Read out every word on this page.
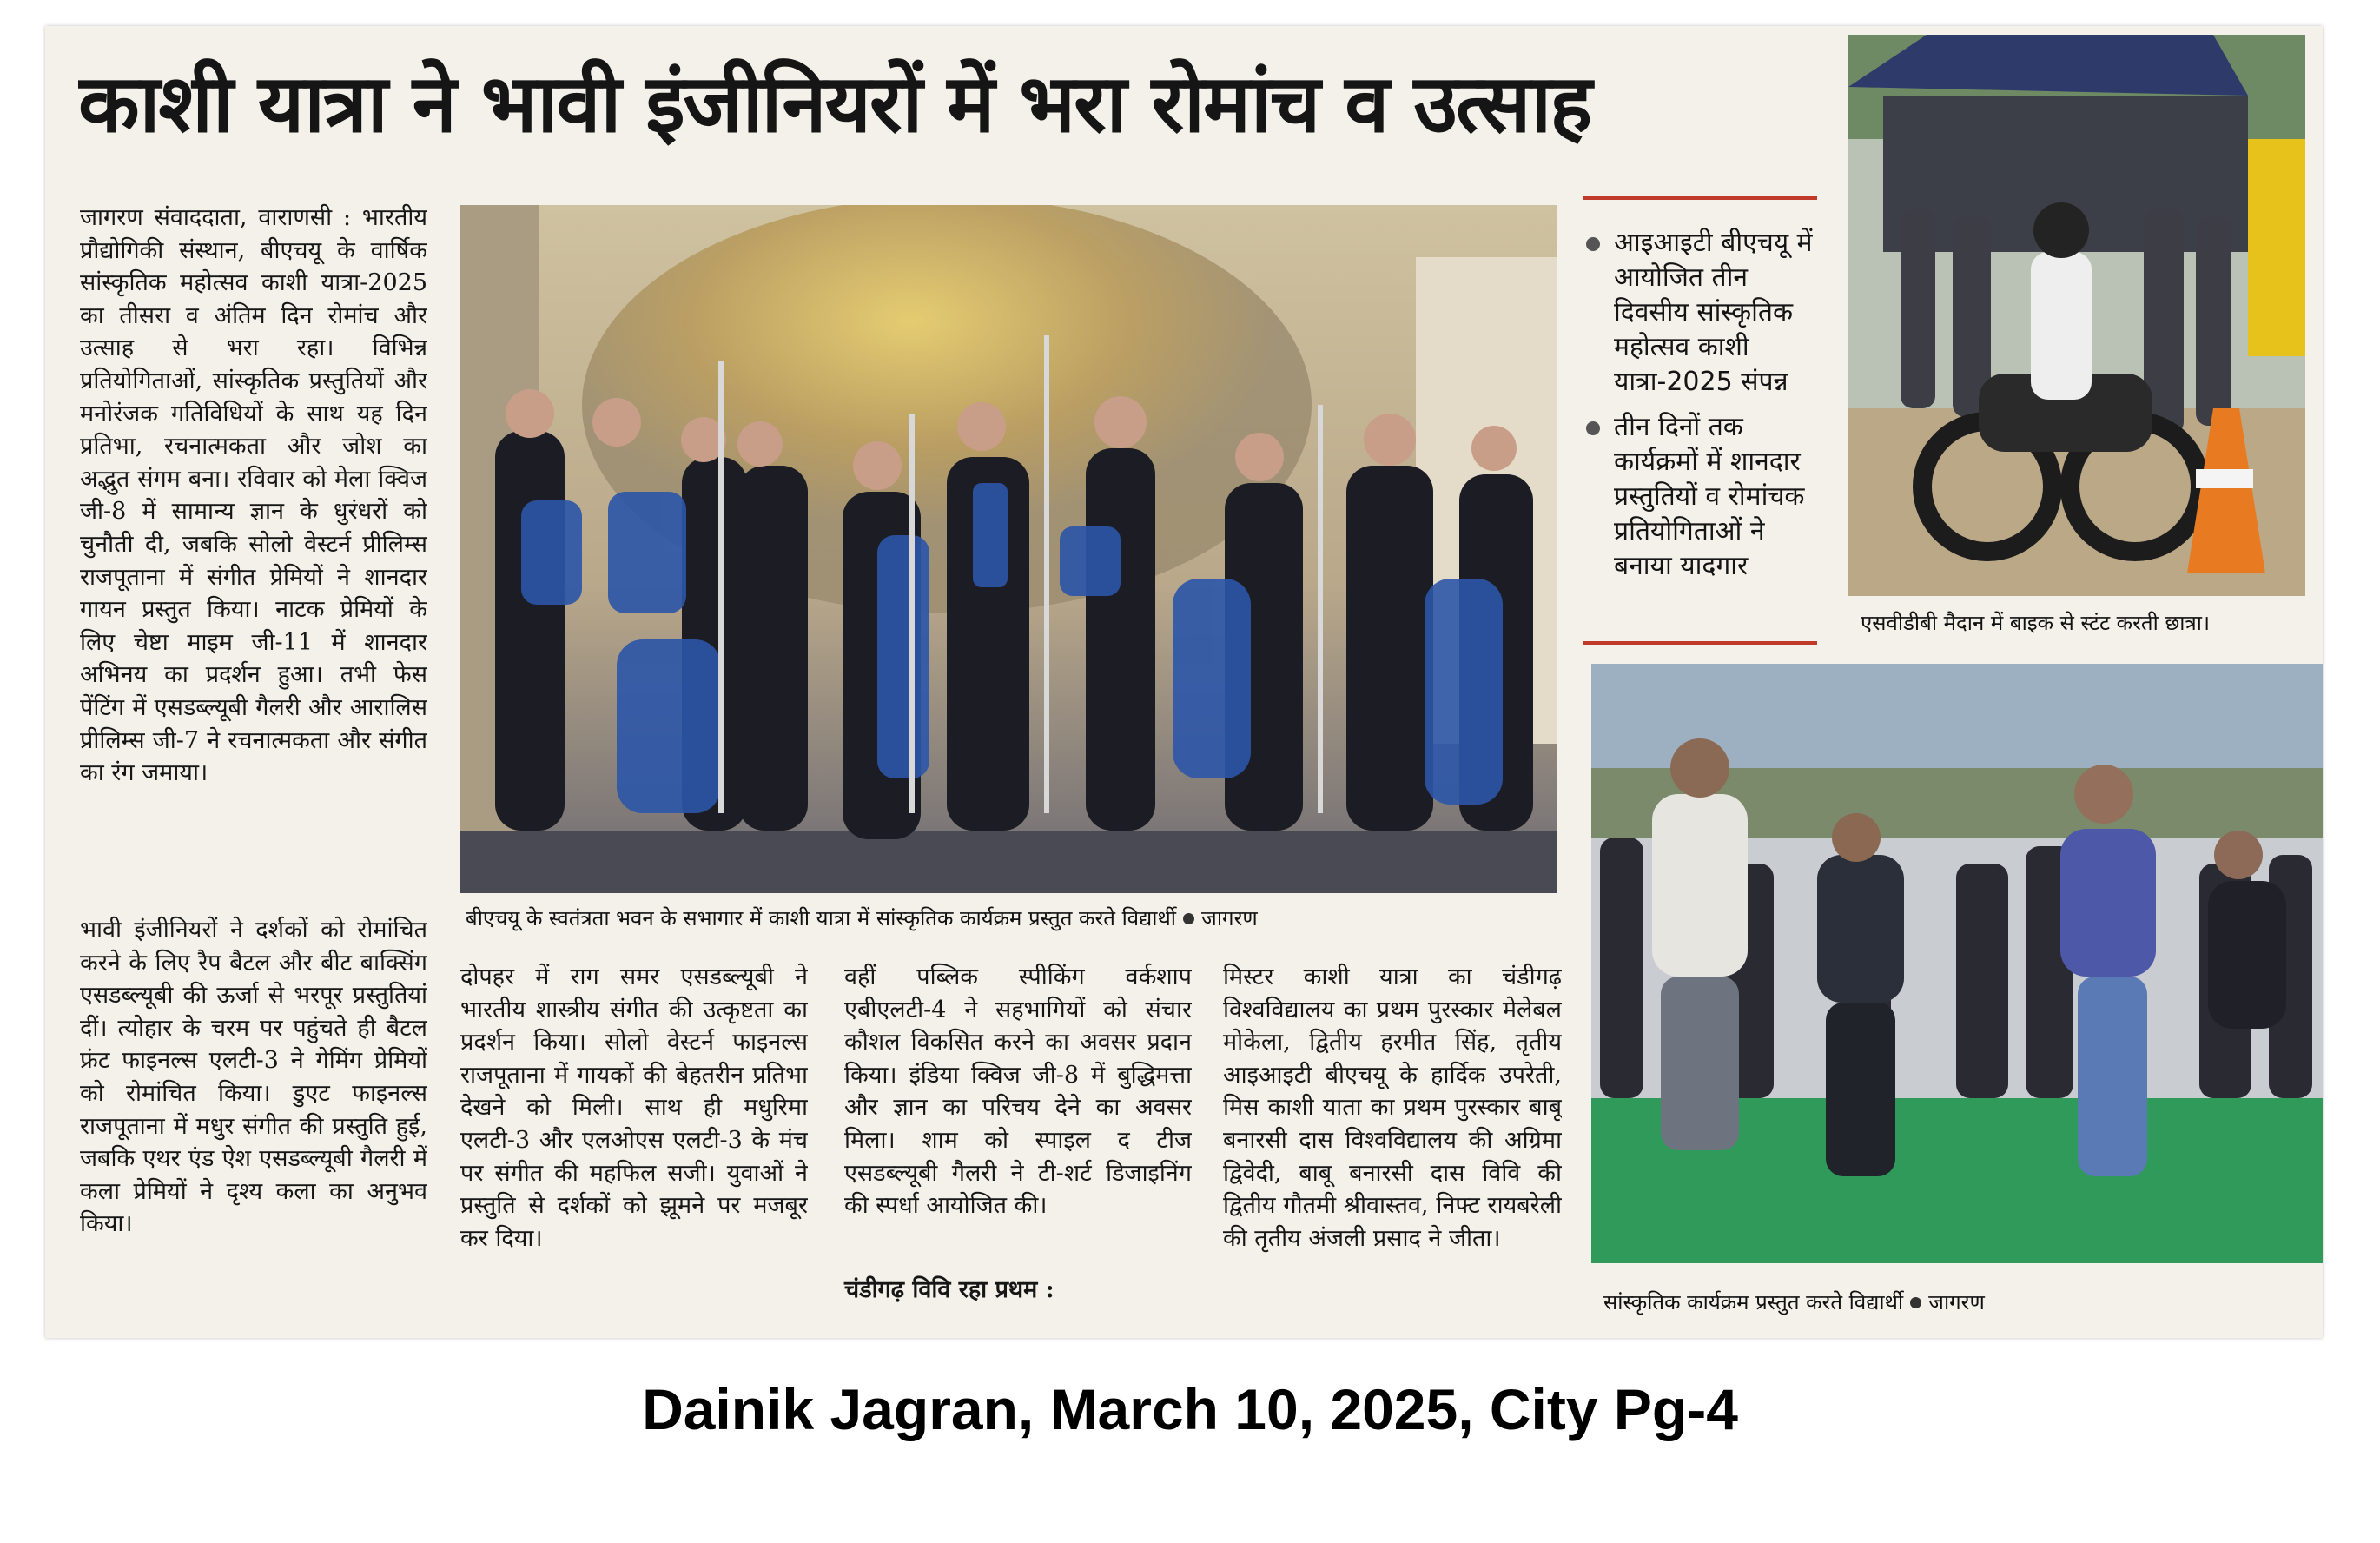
काशी यात्रा ने भावी इंजीनियरों में भरा रोमांच व उत्साह
बीएचयू के स्वतंत्रता भवन के सभागार में काशी यात्रा में सांस्कृतिक कार्यक्रम प्रस्तुत करते विद्यार्थी जागरण

जागरण संवाददाता, वाराणसी : भारतीय प्रौद्योगिकी संस्थान, बीएचयू के वार्षिक सांस्कृतिक महोत्सव काशी यात्रा-2025 का तीसरा व अंतिम दिन रोमांच और उत्साह से भरा रहा। विभिन्न प्रतियोगिताओं, सांस्कृतिक प्रस्तुतियों और मनोरंजक गतिविधियों के साथ यह दिन प्रतिभा, रचनात्मकता और जोश का अद्भुत संगम बना। रविवार को मेला क्विज जी-8 में सामान्य ज्ञान के धुरंधरों को चुनौती दी, जबकि सोलो वेस्टर्न प्रीलिम्स राजपूताना में संगीत प्रेमियों ने शानदार गायन प्रस्तुत किया। नाटक प्रेमियों के लिए चेष्टा माइम जी-11 में शानदार अभिनय का प्रदर्शन हुआ। तभी फेस पेंटिंग में एसडब्ल्यूबी गैलरी और आरालिस प्रीलिम्स जी-7 ने रचनात्मकता और संगीत का रंग जमाया।

भावी इंजीनियरों ने दर्शकों को रोमांचित करने के लिए रैप बैटल और बीट बाक्सिंग एसडब्ल्यूबी की ऊर्जा से भरपूर प्रस्तुतियां दीं। त्योहार के चरम पर पहुंचते ही बैटल फ्रंट फाइनल्स एलटी-3 ने गेमिंग प्रेमियों को रोमांचित किया। डुएट फाइनल्स राजपूताना में मधुर संगीत की प्रस्तुति हुई, जबकि एथर एंड ऐश एसडब्ल्यूबी गैलरी में कला प्रेमियों ने दृश्य कला का अनुभव किया।

दोपहर में राग समर एसडब्ल्यूबी ने भारतीय शास्त्रीय संगीत की उत्कृष्टता का प्रदर्शन किया। सोलो वेस्टर्न फाइनल्स राजपूताना में गायकों की बेहतरीन प्रतिभा देखने को मिली। साथ ही मधुरिमा एलटी-3 और एलओएस एलटी-3 के मंच पर संगीत की महफिल सजी। युवाओं ने प्रस्तुति से दर्शकों को झूमने पर मजबूर कर दिया।

वहीं पब्लिक स्पीकिंग वर्कशाप एबीएलटी-4 ने सहभागियों को संचार कौशल विकसित करने का अवसर प्रदान किया। इंडिया क्विज जी-8 में बुद्धिमत्ता और ज्ञान का परिचय देने का अवसर मिला। शाम को स्पाइल द टीज एसडब्ल्यूबी गैलरी ने टी-शर्ट डिजाइनिंग की स्पर्धा आयोजित की।

चंडीगढ़ विवि रहा प्रथम :

मिस्टर काशी यात्रा का चंडीगढ़ विश्वविद्यालय का प्रथम पुरस्कार मेलेबल मोकेला, द्वितीय हरमीत सिंह, तृतीय आइआइटी बीएचयू के हार्दिक उपरेती, मिस काशी याता का प्रथम पुरस्कार बाबू बनारसी दास विश्वविद्यालय की अग्रिमा द्विवेदी, बाबू बनारसी दास विवि की द्वितीय गौतमी श्रीवास्तव, निफ्ट रायबरेली की तृतीय अंजली प्रसाद ने जीता।

आइआइटी बीएचयू में आयोजित तीन दिवसीय सांस्कृतिक महोत्सव काशी यात्रा-2025 संपन्न
तीन दिनों तक कार्यक्रमों में शानदार प्रस्तुतियों व रोमांचक प्रतियोगिताओं ने बनाया यादगार
एसवीडीबी मैदान में बाइक से स्टंट करती छात्रा।
सांस्कृतिक कार्यक्रम प्रस्तुत करते विद्यार्थी जागरण
Dainik Jagran, March 10, 2025, City Pg-4
